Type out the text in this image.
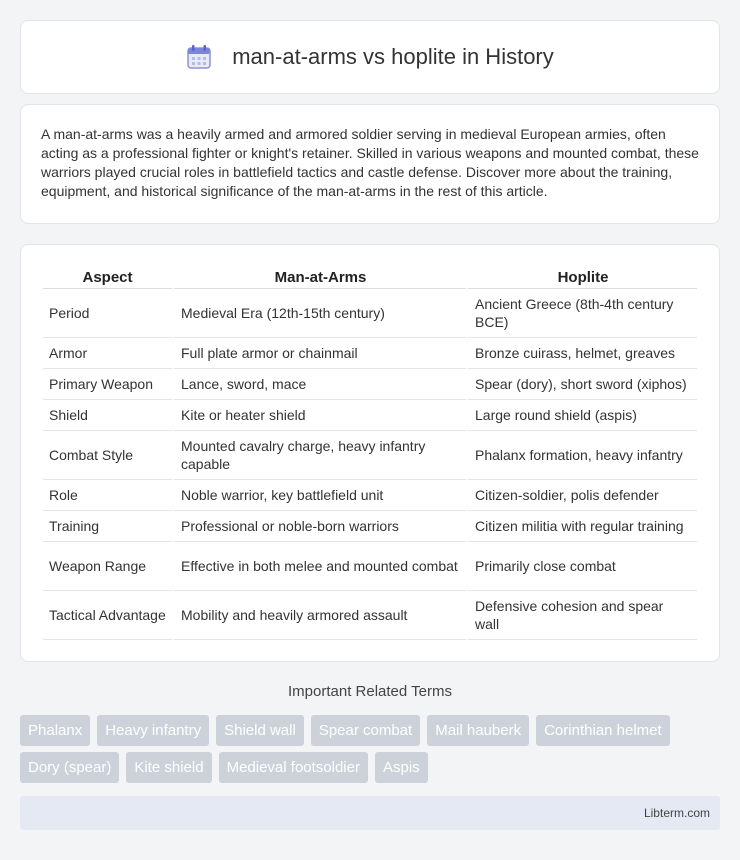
man-at-arms vs hoplite in History

A man-at-arms was a heavily armed and armored soldier serving in medieval European armies, often acting as a professional fighter or knight's retainer. Skilled in various weapons and mounted combat, these warriors played crucial roles in battlefield tactics and castle defense. Discover more about the training, equipment, and historical significance of the man-at-arms in the rest of this article.

Aspect	Man-at-Arms	Hoplite
Period	Medieval Era (12th-15th century)	Ancient Greece (8th-4th century BCE)
Armor	Full plate armor or chainmail	Bronze cuirass, helmet, greaves
Primary Weapon	Lance, sword, mace	Spear (dory), short sword (xiphos)
Shield	Kite or heater shield	Large round shield (aspis)
Combat Style	Mounted cavalry charge, heavy infantry capable	Phalanx formation, heavy infantry
Role	Noble warrior, key battlefield unit	Citizen-soldier, polis defender
Training	Professional or noble-born warriors	Citizen militia with regular training
Weapon Range	Effective in both melee and mounted combat	Primarily close combat
Tactical Advantage	Mobility and heavily armored assault	Defensive cohesion and spear wall
Important Related Terms
Phalanx	Heavy infantry	Shield wall	Spear combat	Mail hauberk	Corinthian helmet
Dory (spear)	Kite shield	Medieval footsoldier	Aspis
Libterm.com
